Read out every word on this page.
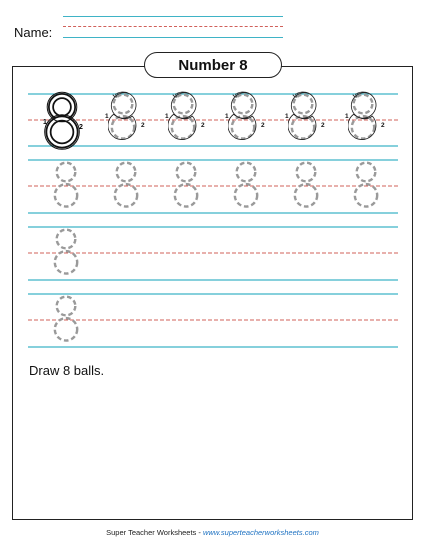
Name:
Number 8
1
2
1
2
1
2
1
2
1
2
1
2
Draw 8 balls.
Super Teacher Worksheets - www.superteacherworksheets.com
